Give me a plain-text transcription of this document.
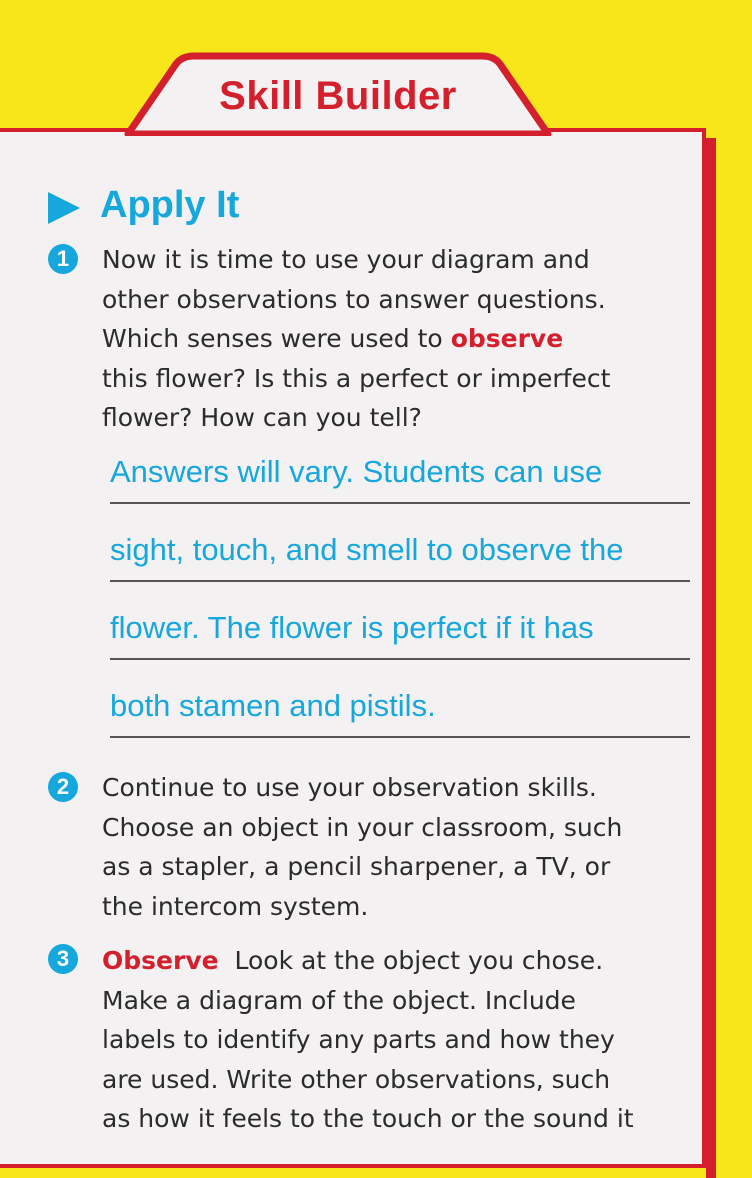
Skill Builder
Apply It
1	Now it is time to use your diagram and
other observations to answer questions.
Which senses were used to observe
this flower? Is this a perfect or imperfect
flower? How can you tell?

Answers will vary. Students can use
sight, touch, and smell to observe the
flower. The flower is perfect if it has
both stamen and pistils.
2	Continue to use your observation skills.
Choose an object in your classroom, such
as a stapler, a pencil sharpener, a TV, or
the intercom system.

3	Observe Look at the object you chose.
Make a diagram of the object. Include
labels to identify any parts and how they
are used. Write other observations, such
as how it feels to the touch or the sound it
